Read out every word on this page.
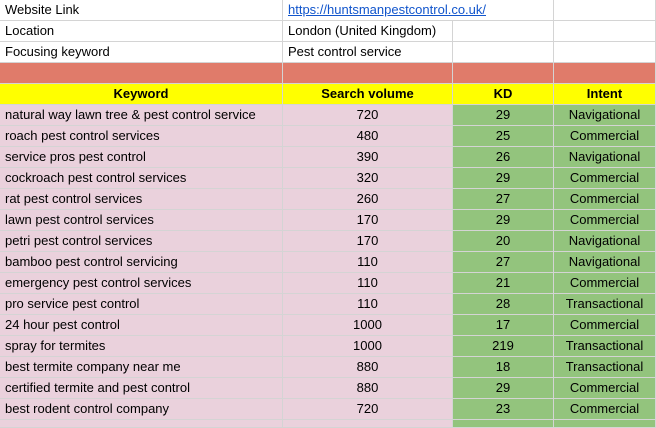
Website Link	https://huntsmanpestcontrol.co.uk/
Location	London (United Kingdom)
Focusing keyword	Pest control service
Keyword	Search volume	KD	Intent
natural way lawn tree & pest control service	720	29	Navigational
roach pest control services	480	25	Commercial
service pros pest control	390	26	Navigational
cockroach pest control services	320	29	Commercial
rat pest control services	260	27	Commercial
lawn pest control services	170	29	Commercial
petri pest control services	170	20	Navigational
bamboo pest control servicing	110	27	Navigational
emergency pest control services	110	21	Commercial
pro service pest control	110	28	Transactional
24 hour pest control	1000	17	Commercial
spray for termites	1000	219	Transactional
best termite company near me	880	18	Transactional
certified termite and pest control	880	29	Commercial
best rodent control company	720	23	Commercial
